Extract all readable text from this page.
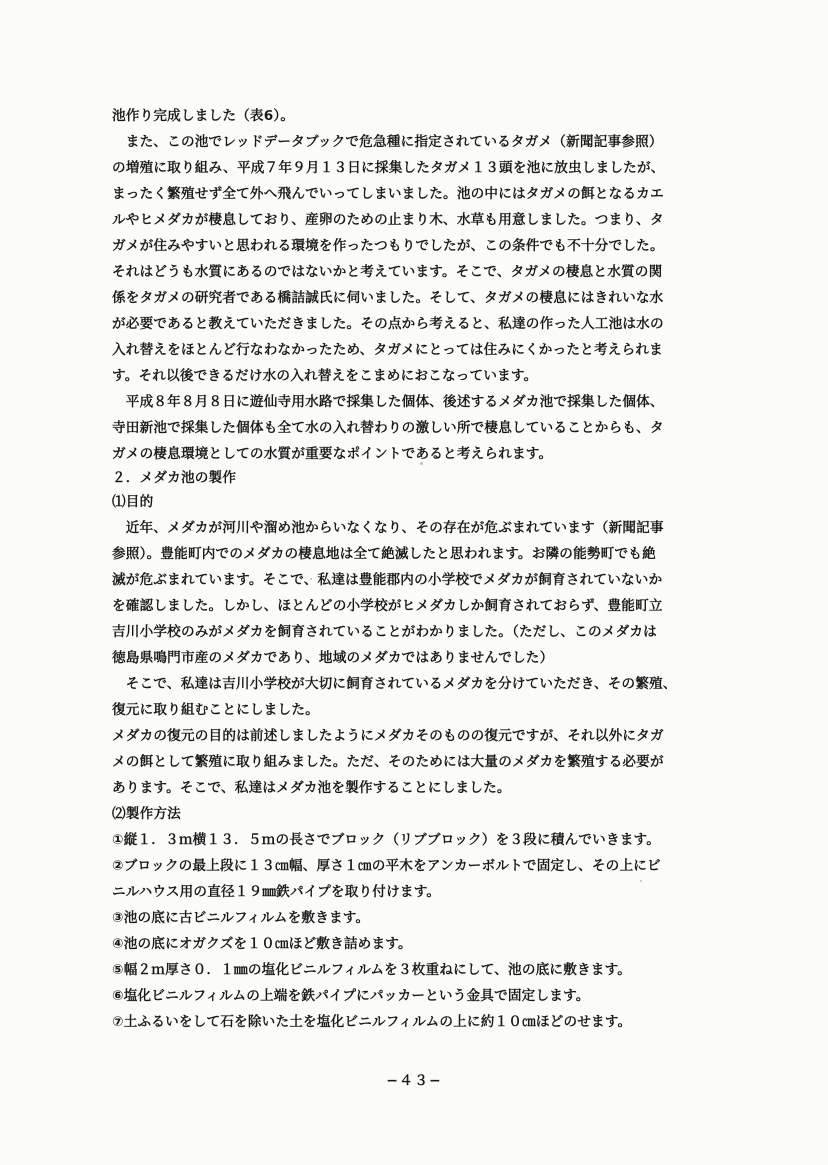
池作り完成しました（表6）。
　また、この池でレッドデータブックで危急種に指定されているタガメ（新聞記事参照）
の増殖に取り組み、平成７年９月１３日に採集したタガメ１３頭を池に放虫しましたが、
まったく繁殖せず全て外へ飛んでいってしまいました。池の中にはタガメの餌となるカエ
ルやヒメダカが棲息しており、産卵のための止まり木、水草も用意しました。つまり、タ
ガメが住みやすいと思われる環境を作ったつもりでしたが、この条件でも不十分でした。
それはどうも水質にあるのではないかと考えています。そこで、タガメの棲息と水質の関
係をタガメの研究者である橋詰誠氏に伺いました。そして、タガメの棲息にはきれいな水
が必要であると教えていただきました。その点から考えると、私達の作った人工池は水の
入れ替えをほとんど行なわなかったため、タガメにとっては住みにくかったと考えられま
す。それ以後できるだけ水の入れ替えをこまめにおこなっています。
　平成８年８月８日に遊仙寺用水路で採集した個体、後述するメダカ池で採集した個体、
寺田新池で採集した個体も全て水の入れ替わりの激しい所で棲息していることからも、タ
ガメの棲息環境としての水質が重要なポイントであると考えられます。
２．メダカ池の製作
⑴目的
　近年、メダカが河川や溜め池からいなくなり、その存在が危ぶまれています（新聞記事
参照）。豊能町内でのメダカの棲息地は全て絶滅したと思われます。お隣の能勢町でも絶
滅が危ぶまれています。そこで、私達は豊能郡内の小学校でメダカが飼育されていないか
を確認しました。しかし、ほとんどの小学校がヒメダカしか飼育されておらず、豊能町立
吉川小学校のみがメダカを飼育されていることがわかりました。（ただし、このメダカは
徳島県鳴門市産のメダカであり、地域のメダカではありませんでした）
　そこで、私達は吉川小学校が大切に飼育されているメダカを分けていただき、その繁殖、
復元に取り組むことにしました。
メダカの復元の目的は前述しましたようにメダカそのものの復元ですが、それ以外にタガ
メの餌として繁殖に取り組みました。ただ、そのためには大量のメダカを繁殖する必要が
あります。そこで、私達はメダカ池を製作することにしました。
⑵製作方法
①縦１．３ｍ横１３．５ｍの長さでブロック（リブブロック）を３段に積んでいきます。
②ブロックの最上段に１３㎝幅、厚さ１㎝の平木をアンカーボルトで固定し、その上にビ
ニルハウス用の直径１９㎜鉄パイプを取り付けます。
③池の底に古ビニルフィルムを敷きます。
④池の底にオガクズを１０㎝ほど敷き詰めます。
⑤幅２ｍ厚さ０．１㎜の塩化ビニルフィルムを３枚重ねにして、池の底に敷きます。
⑥塩化ビニルフィルムの上端を鉄パイプにパッカーという金具で固定します。
⑦土ふるいをして石を除いた土を塩化ビニルフィルムの上に約１０㎝ほどのせます。
−４３−
